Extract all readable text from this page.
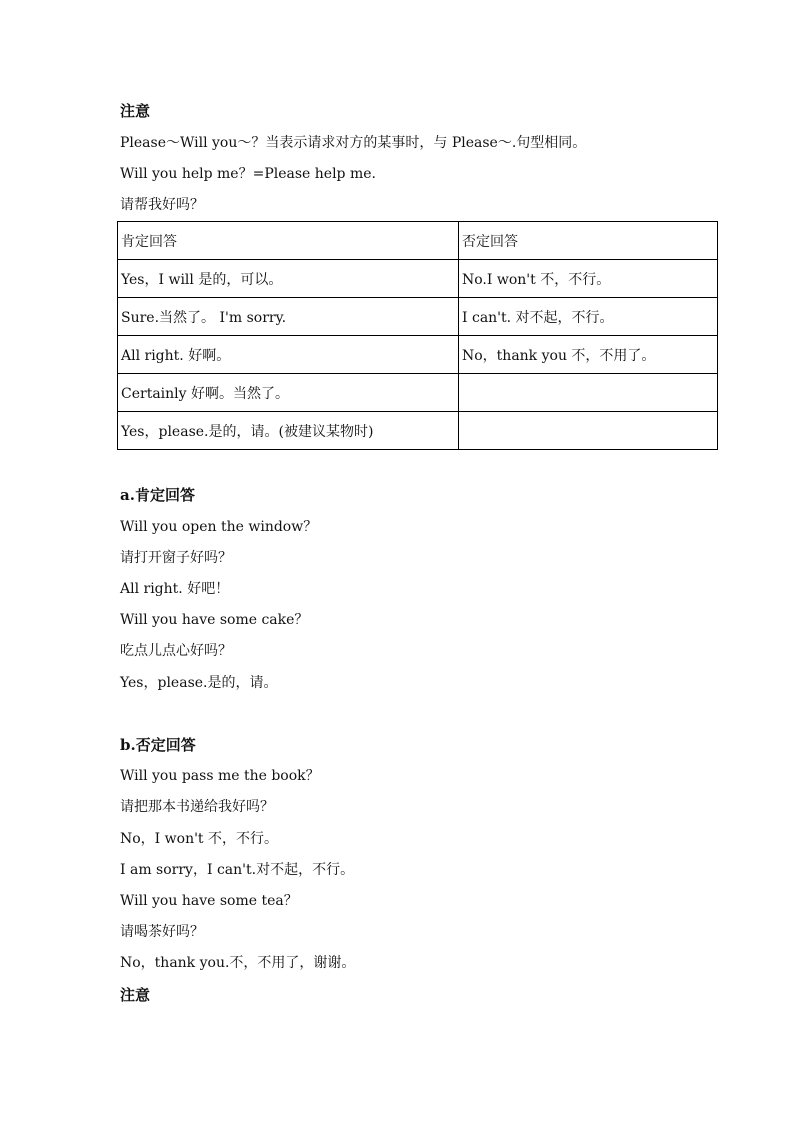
注意
Please～Will you～？当表示请求对方的某事时，与 Please～.句型相同。
Will you help me？=Please help me.
请帮我好吗？
肯定回答	否定回答
Yes，I will 是的，可以。	No.I won't 不，不行。
Sure.当然了。 I'm sorry.	I can't. 对不起，不行。
All right. 好啊。	No，thank you 不，不用了。
Certainly 好啊。当然了。	
Yes，please.是的，请。(被建议某物时)	
a.肯定回答
Will you open the window？
请打开窗子好吗？
All right. 好吧！
Will you have some cake？
吃点儿点心好吗？
Yes，please.是的，请。
b.否定回答
Will you pass me the book？
请把那本书递给我好吗？
No，I won't 不，不行。
I am sorry，I can't.对不起，不行。
Will you have some tea？
请喝茶好吗？
No，thank you.不，不用了，谢谢。
注意
